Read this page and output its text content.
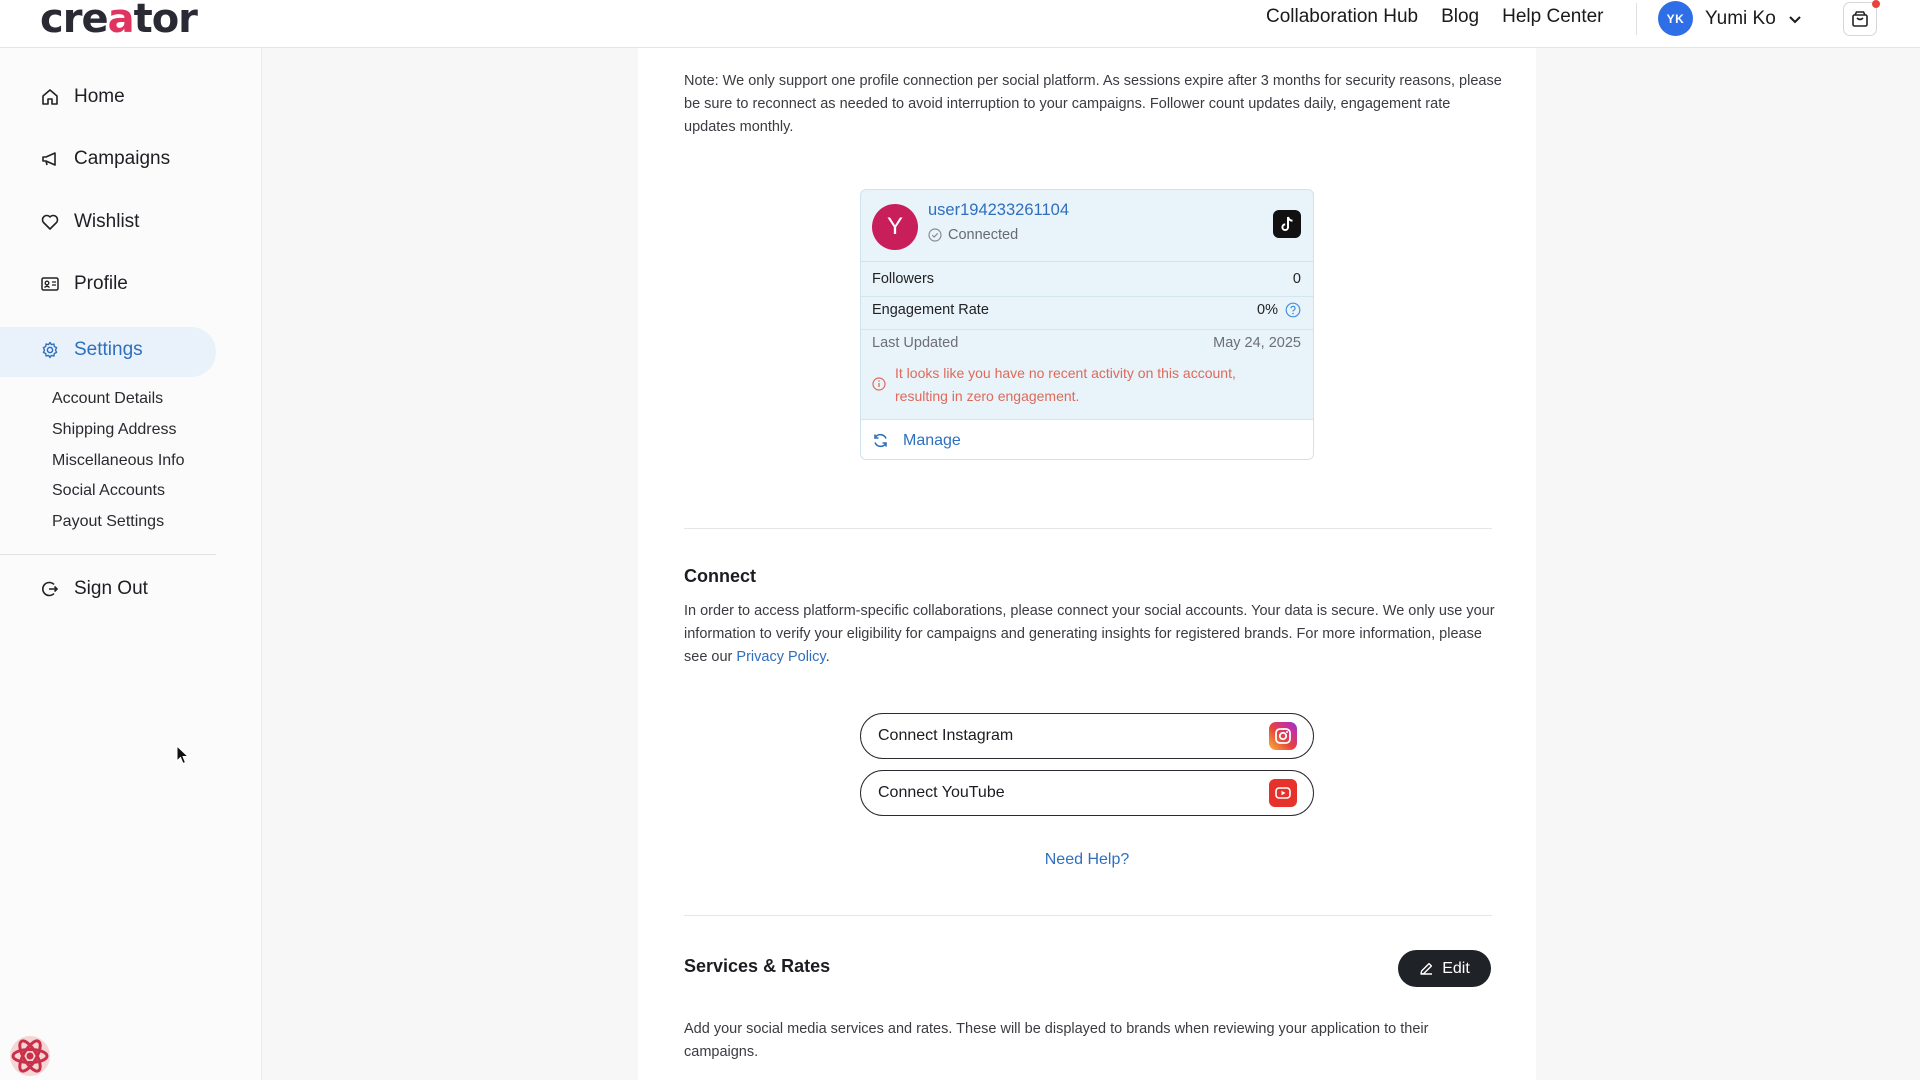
creator	Collaboration Hub Blog Help Center	YK	Yumi Ko
Home
Campaigns
Wishlist
Profile
Settings
Account Details
Shipping Address
Miscellaneous Info
Social Accounts
Payout Settings
Sign Out
Note: We only support one profile connection per social platform. As sessions expire after 3 months for security reasons, please be sure to reconnect as needed to avoid interruption to your campaigns. Follower count updates daily, engagement rate updates monthly.
Y
user194233261104
Connected
Followers	0
Engagement Rate	0%
Last Updated	May 24, 2025
It looks like you have no recent activity on this account, resulting in zero engagement.
Manage
Connect
In order to access platform-specific collaborations, please connect your social accounts. Your data is secure. We only use your information to verify your eligibility for campaigns and generating insights for registered brands. For more information, please see our Privacy Policy.
Connect Instagram
Connect YouTube
Need Help?
Services & Rates	Edit
Add your social media services and rates. These will be displayed to brands when reviewing your application to their campaigns.
